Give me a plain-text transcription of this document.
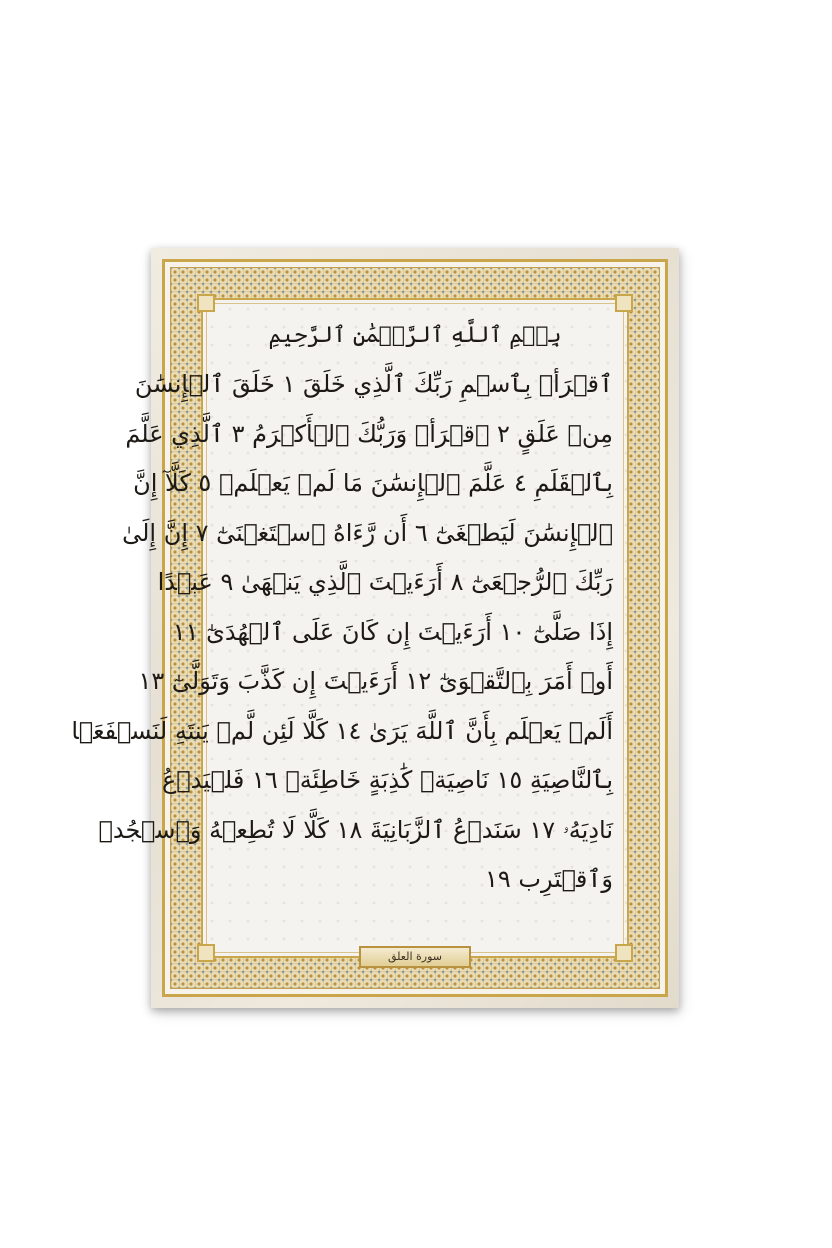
بِسۡمِ ٱللَّهِ ٱلرَّحۡمَٰنِ ٱلرَّحِيمِ
ٱقۡرَأۡ بِٱسۡمِ رَبِّكَ ٱلَّذِي خَلَقَ ١ خَلَقَ ٱلۡإِنسَٰنَ
مِنۡ عَلَقٍ ٢ ٱقۡرَأۡ وَرَبُّكَ ٱلۡأَكۡرَمُ ٣ ٱلَّذِي عَلَّمَ
بِٱلۡقَلَمِ ٤ عَلَّمَ ٱلۡإِنسَٰنَ مَا لَمۡ يَعۡلَمۡ ٥ كَلَّآ إِنَّ
ٱلۡإِنسَٰنَ لَيَطۡغَىٰٓ ٦ أَن رَّءَاهُ ٱسۡتَغۡنَىٰٓ ٧ إِنَّ إِلَىٰ
رَبِّكَ ٱلرُّجۡعَىٰٓ ٨ أَرَءَيۡتَ ٱلَّذِي يَنۡهَىٰ ٩ عَبۡدًا
إِذَا صَلَّىٰٓ ١٠ أَرَءَيۡتَ إِن كَانَ عَلَى ٱلۡهُدَىٰٓ ١١
أَوۡ أَمَرَ بِٱلتَّقۡوَىٰٓ ١٢ أَرَءَيۡتَ إِن كَذَّبَ وَتَوَلَّىٰٓ ١٣
أَلَمۡ يَعۡلَم بِأَنَّ ٱللَّهَ يَرَىٰ ١٤ كَلَّا لَئِن لَّمۡ يَنتَهِ لَنَسۡفَعَۢا
بِٱلنَّاصِيَةِ ١٥ نَاصِيَةٖ كَٰذِبَةٍ خَاطِئَةٖ ١٦ فَلۡيَدۡعُ
نَادِيَهُۥ ١٧ سَنَدۡعُ ٱلزَّبَانِيَةَ ١٨ كَلَّا لَا تُطِعۡهُ وَٱسۡجُدۡ
وَٱقۡتَرِب ١٩
سورة العلق
